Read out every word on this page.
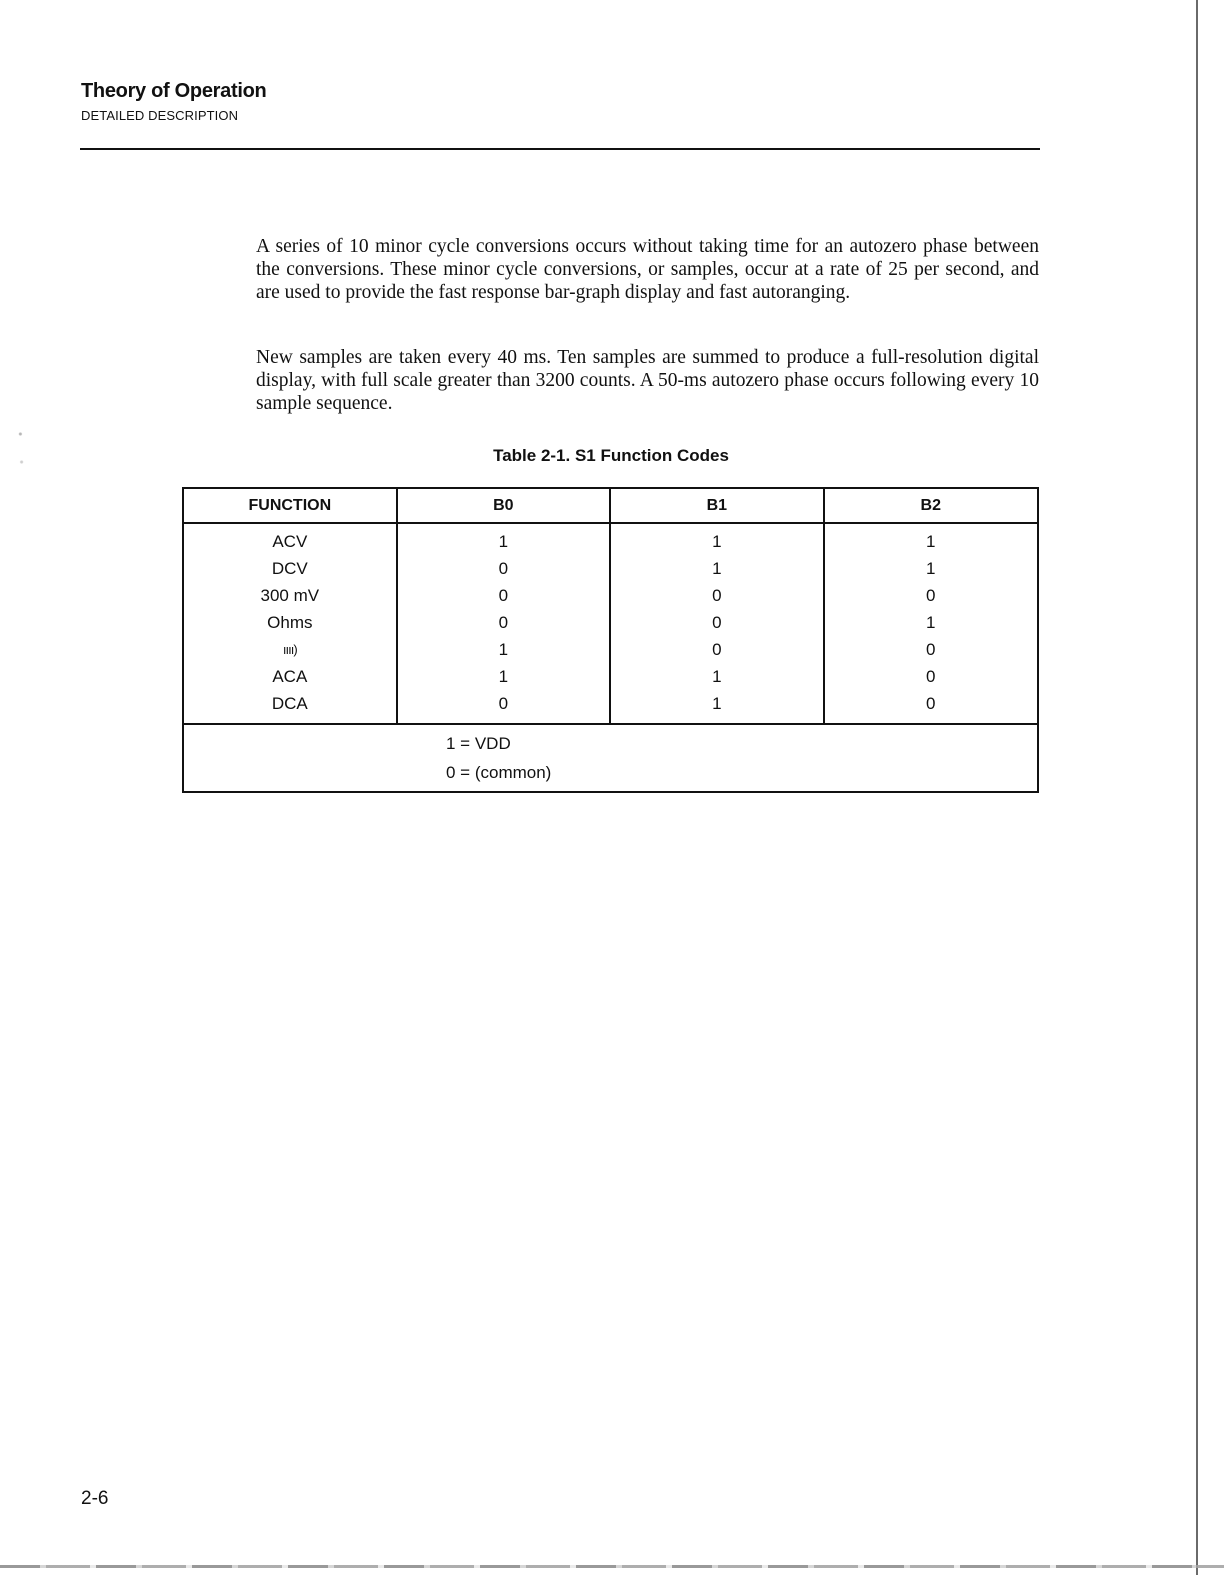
Theory of Operation
DETAILED DESCRIPTION

A series of 10 minor cycle conversions occurs without taking time for an autozero phase between the conversions. These minor cycle conversions, or samples, occur at a rate of 25 per second, and are used to provide the fast response bar-graph display and fast autoranging.

New samples are taken every 40 ms. Ten samples are summed to produce a full-resolution digital display, with full scale greater than 3200 counts. A 50-ms autozero phase occurs following every 10 sample sequence.

Table 2-1. S1 Function Codes
FUNCTION	B0	B1	B2
ACV	1	1	1
DCV	0	1	1
300 mV	0	0	0
Ohms	0	0	1
ıııı)	1	0	0
ACA	1	1	0
DCA	0	1	0

1 = VDD
0 = (common)			
2-6
